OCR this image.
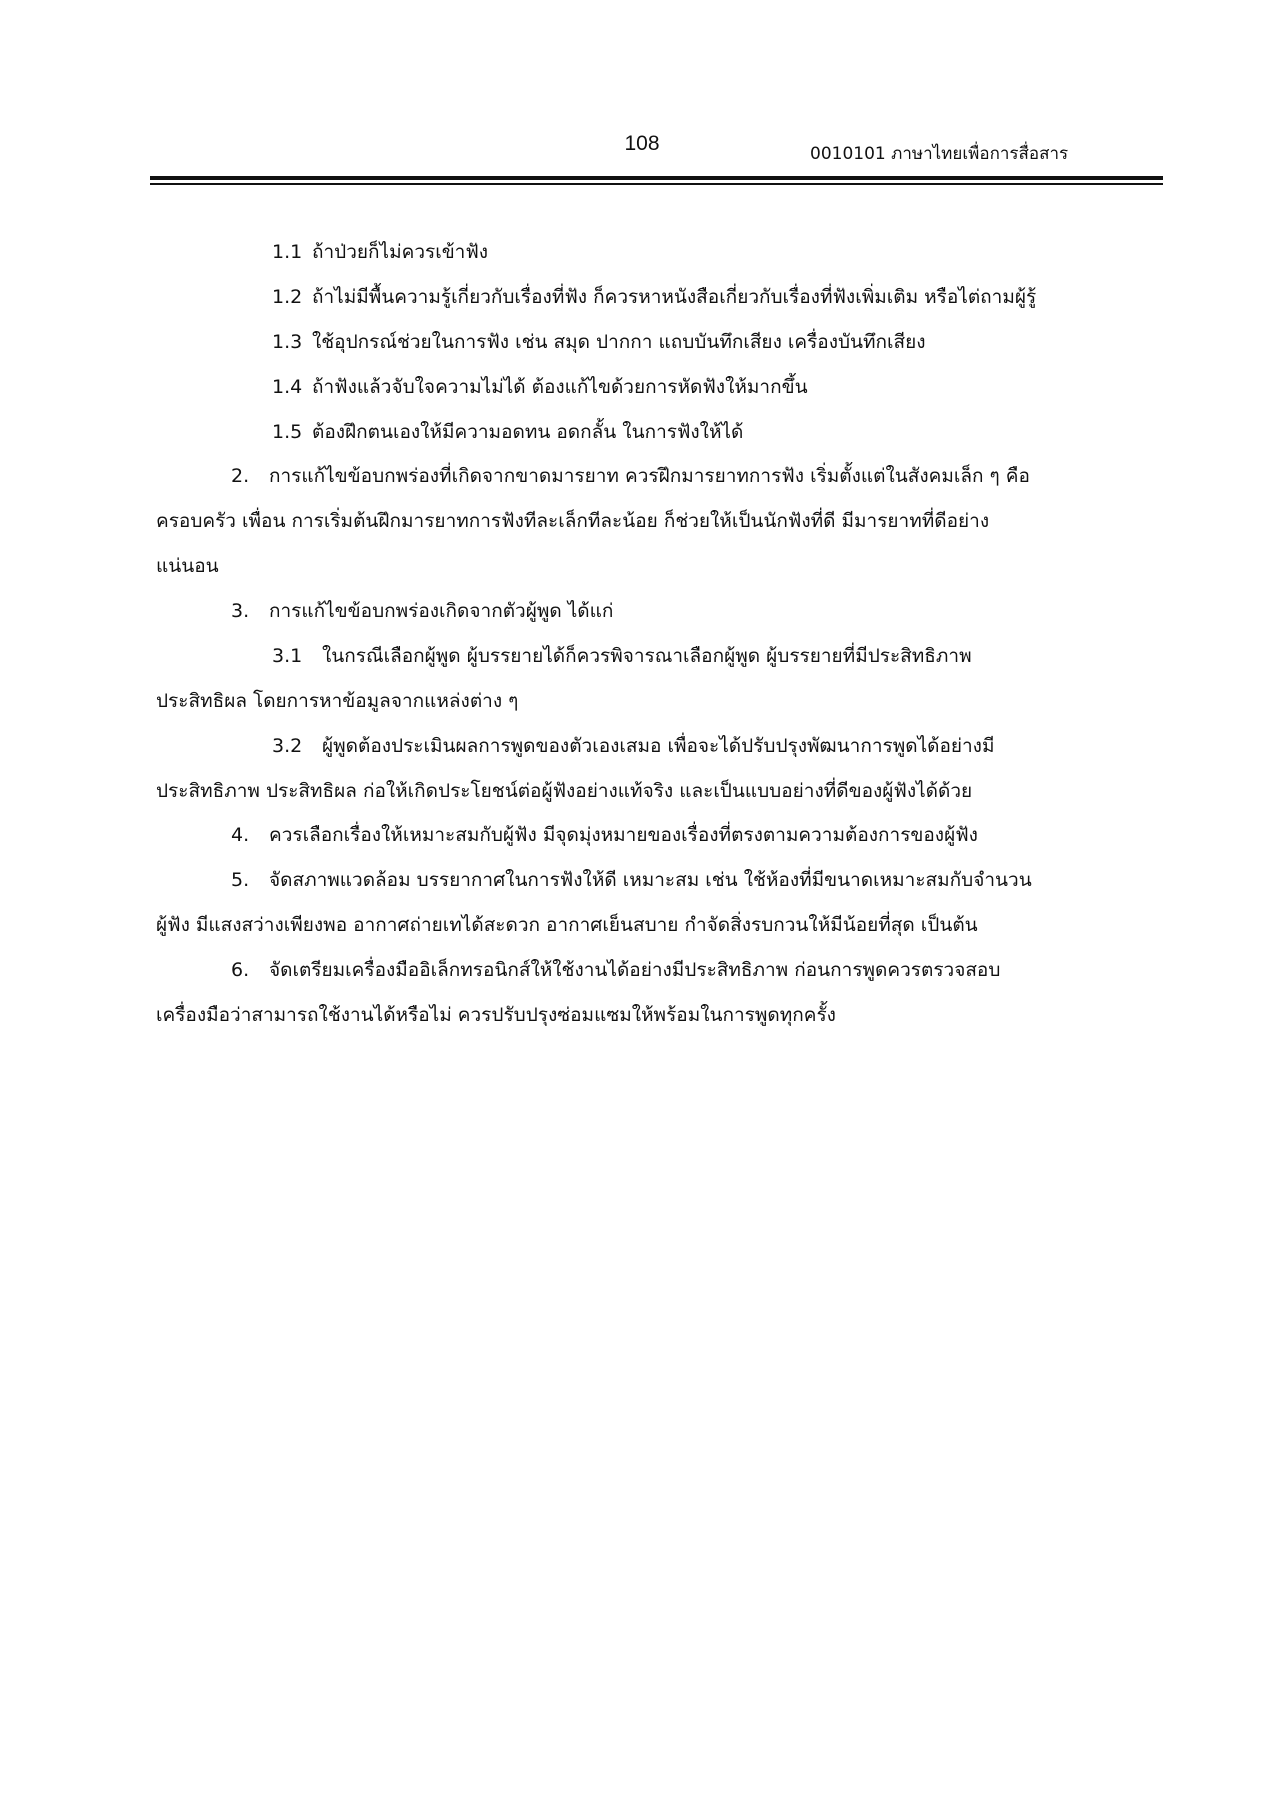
108	0010101 ภาษาไทยเพื่อการสื่อสาร
1.1 ถ้าป่วยก็ไม่ควรเข้าฟัง
1.2 ถ้าไม่มีพื้นความรู้เกี่ยวกับเรื่องที่ฟัง ก็ควรหาหนังสือเกี่ยวกับเรื่องที่ฟังเพิ่มเติม หรือไต่ถามผู้รู้
1.3 ใช้อุปกรณ์ช่วยในการฟัง เช่น สมุด ปากกา แถบบันทึกเสียง เครื่องบันทึกเสียง
1.4 ถ้าฟังแล้วจับใจความไม่ได้ ต้องแก้ไขด้วยการหัดฟังให้มากขึ้น
1.5 ต้องฝึกตนเองให้มีความอดทน อดกลั้น ในการฟังให้ได้
2. การแก้ไขข้อบกพร่องที่เกิดจากขาดมารยาท ควรฝึกมารยาทการฟัง เริ่มตั้งแต่ในสังคมเล็ก ๆ คือ
ครอบครัว เพื่อน การเริ่มต้นฝึกมารยาทการฟังทีละเล็กทีละน้อย ก็ช่วยให้เป็นนักฟังที่ดี มีมารยาทที่ดีอย่าง
แน่นอน
3. การแก้ไขข้อบกพร่องเกิดจากตัวผู้พูด ได้แก่
3.1 ในกรณีเลือกผู้พูด ผู้บรรยายได้ก็ควรพิจารณาเลือกผู้พูด ผู้บรรยายที่มีประสิทธิภาพ
ประสิทธิผล โดยการหาข้อมูลจากแหล่งต่าง ๆ
3.2 ผู้พูดต้องประเมินผลการพูดของตัวเองเสมอ เพื่อจะได้ปรับปรุงพัฒนาการพูดได้อย่างมี
ประสิทธิภาพ ประสิทธิผล ก่อให้เกิดประโยชน์ต่อผู้ฟังอย่างแท้จริง และเป็นแบบอย่างที่ดีของผู้ฟังได้ด้วย
4. ควรเลือกเรื่องให้เหมาะสมกับผู้ฟัง มีจุดมุ่งหมายของเรื่องที่ตรงตามความต้องการของผู้ฟัง
5. จัดสภาพแวดล้อม บรรยากาศในการฟังให้ดี เหมาะสม เช่น ใช้ห้องที่มีขนาดเหมาะสมกับจำนวน
ผู้ฟัง มีแสงสว่างเพียงพอ อากาศถ่ายเทได้สะดวก อากาศเย็นสบาย กำจัดสิ่งรบกวนให้มีน้อยที่สุด เป็นต้น
6. จัดเตรียมเครื่องมืออิเล็กทรอนิกส์ให้ใช้งานได้อย่างมีประสิทธิภาพ ก่อนการพูดควรตรวจสอบ
เครื่องมือว่าสามารถใช้งานได้หรือไม่ ควรปรับปรุงซ่อมแซมให้พร้อมในการพูดทุกครั้ง
